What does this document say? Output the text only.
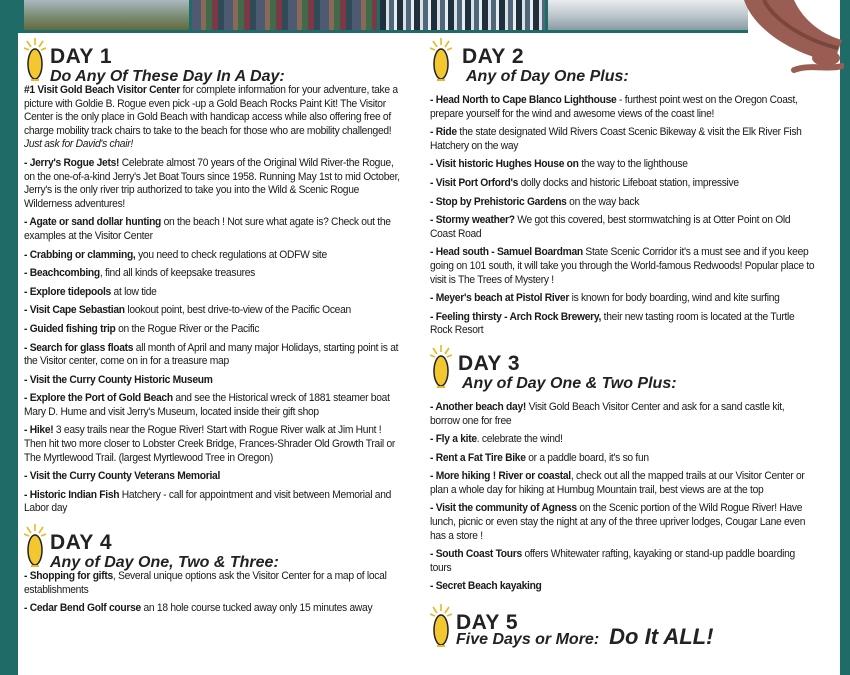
DAY 1
Do Any Of These Day In A Day:
#1 Visit Gold Beach Visitor Center for complete information for your adventure, take a picture with Goldie B. Rogue even pick -up a Gold Beach Rocks Paint Kit! The Visitor Center is the only place in Gold Beach with handicap access while also offering free of charge mobility track chairs to take to the beach for those who are mobility challenged!
Just ask for David's chair!
- Jerry's Rogue Jets! Celebrate almost 70 years of the Original Wild River-the Rogue, on the one-of-a-kind Jerry's Jet Boat Tours since 1958. Running May 1st to mid October, Jerry's is the only river trip authorized to take you into the Wild & Scenic Rogue Wilderness adventures!
- Agate or sand dollar hunting on the beach ! Not sure what agate is? Check out the examples at the Visitor Center
- Crabbing or clamming, you need to check regulations at ODFW site
- Beachcombing, find all kinds of keepsake treasures
- Explore tidepools at low tide
- Visit Cape Sebastian lookout point, best drive-to-view of the Pacific Ocean
- Guided fishing trip on the Rogue River or the Pacific
- Search for glass floats all month of April and many major Holidays, starting point is at the Visitor center, come on in for a treasure map
- Visit the Curry County Historic Museum
- Explore the Port of Gold Beach and see the Historical wreck of 1881 steamer boat Mary D. Hume and visit Jerry's Museum, located inside their gift shop
- Hike! 3 easy trails near the Rogue River! Start with Rogue River walk at Jim Hunt ! Then hit two more closer to Lobster Creek Bridge, Frances-Shrader Old Growth Trail or The Myrtlewood Trail. (largest Myrtlewood Tree in Oregon)
- Visit the Curry County Veterans Memorial
- Historic Indian Fish Hatchery - call for appointment and visit between Memorial and Labor day
DAY 4
Any of Day One, Two & Three:
- Shopping for gifts, Several unique options ask the Visitor Center for a map of local establishments
- Cedar Bend Golf course an 18 hole course tucked away only 15 minutes away
DAY 2
Any of Day One Plus:
- Head North to Cape Blanco Lighthouse - furthest point west on the Oregon Coast, prepare yourself for the wind and awesome views of the coast line!
- Ride the state designated Wild Rivers Coast Scenic Bikeway & visit the Elk River Fish Hatchery on the way
- Visit historic Hughes House on the way to the lighthouse
- Visit Port Orford's dolly docks and historic Lifeboat station, impressive
- Stop by Prehistoric Gardens on the way back
- Stormy weather? We got this covered, best stormwatching is at Otter Point on Old Coast Road
- Head south - Samuel Boardman State Scenic Corridor it's a must see and if you keep going on 101 south, it will take you through the World-famous Redwoods! Popular place to visit is The Trees of Mystery !
- Meyer's beach at Pistol River is known for body boarding, wind and kite surfing
- Feeling thirsty - Arch Rock Brewery, their new tasting room is located at the Turtle Rock Resort
DAY 3
Any of Day One & Two Plus:
- Another beach day! Visit Gold Beach Visitor Center and ask for a sand castle kit, borrow one for free
- Fly a kite. celebrate the wind!
- Rent a Fat Tire Bike or a paddle board, it's so fun
- More hiking ! River or coastal, check out all the mapped trails at our Visitor Center or plan a whole day for hiking at Humbug Mountain trail, best views are at the top
- Visit the community of Agness on the Scenic portion of the Wild Rogue River! Have lunch, picnic or even stay the night at any of the three upriver lodges, Cougar Lane even has a store !
- South Coast Tours offers Whitewater rafting, kayaking or stand-up paddle boarding tours
- Secret Beach kayaking
DAY 5
Five Days or More: Do It ALL!
